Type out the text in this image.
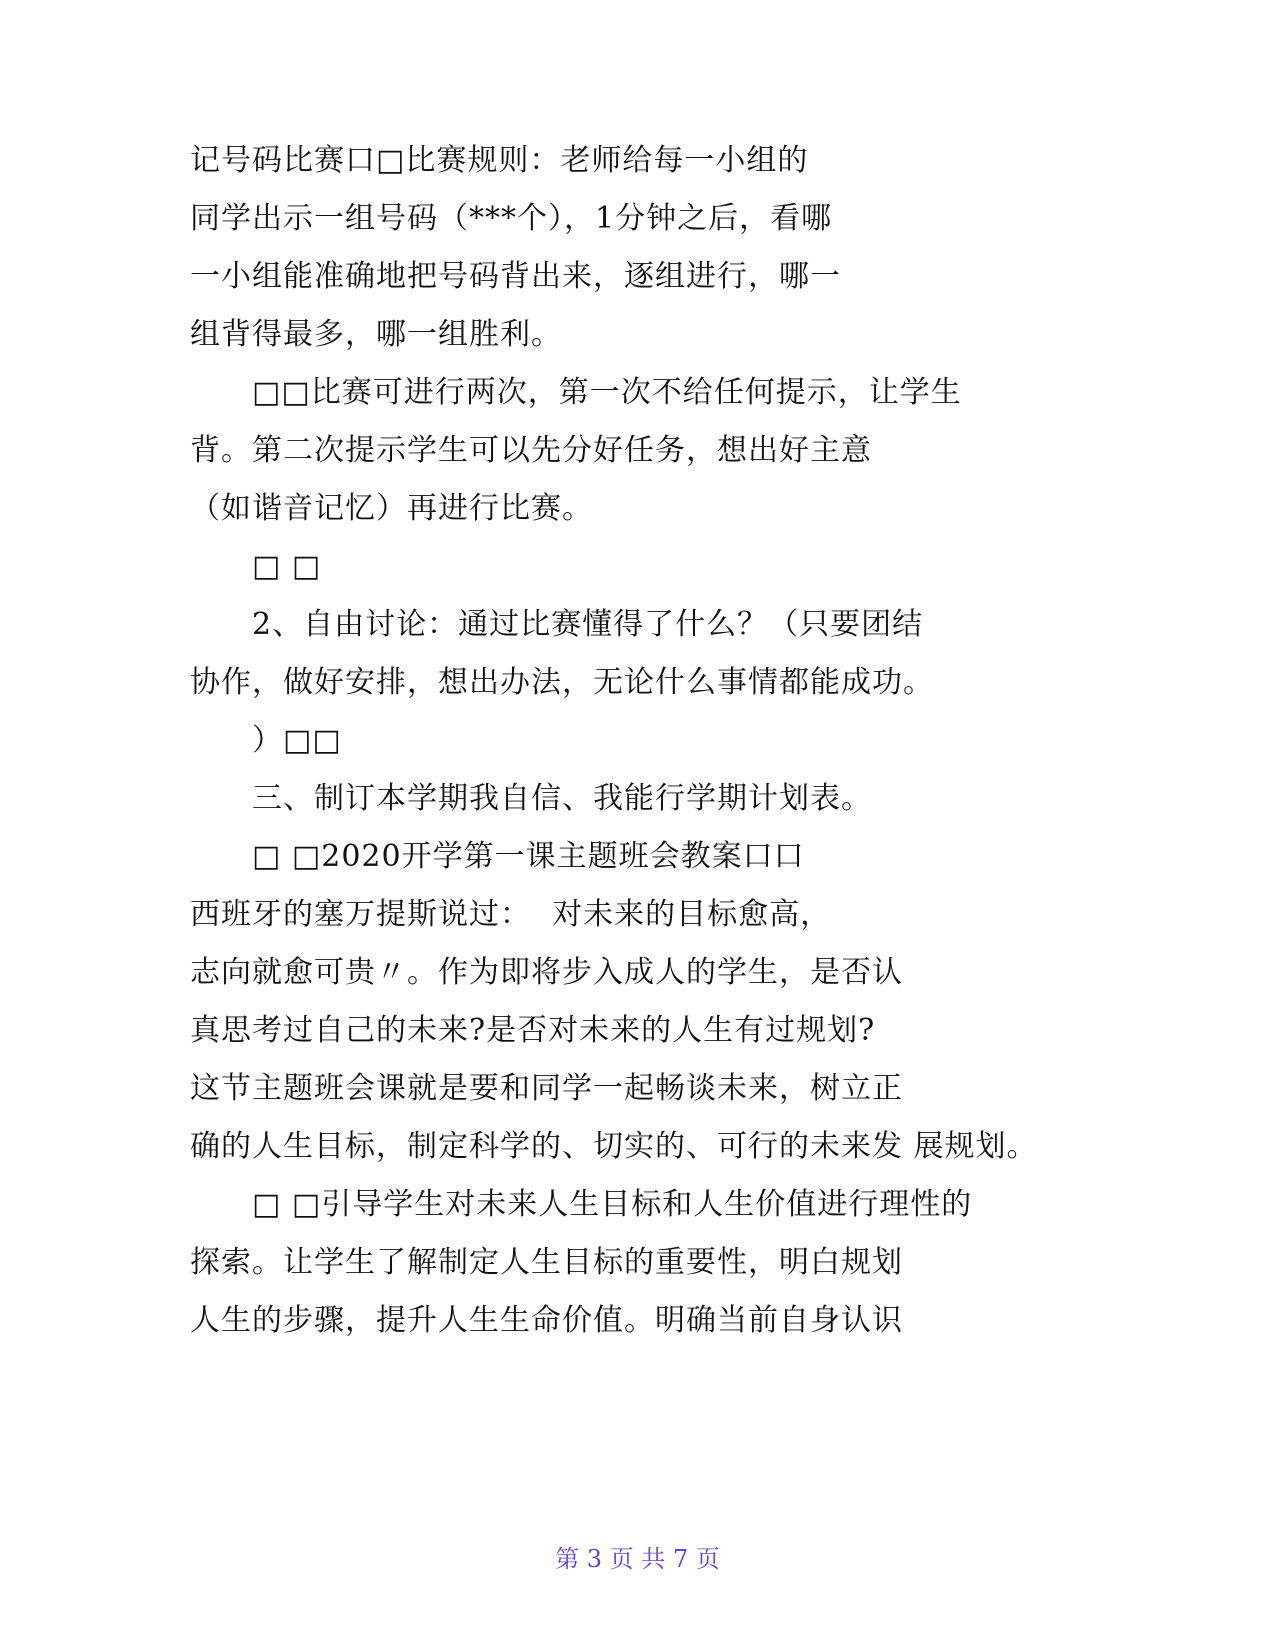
记号码比赛口□比赛规则：老师给每一小组的
同学出示一组号码（***个），1分钟之后，看哪
一小组能准确地把号码背出来，逐组进行，哪一
组背得最多，哪一组胜利。
□□比赛可进行两次，第一次不给任何提示，让学生
背。第二次提示学生可以先分好任务，想出好主意
（如谐音记忆）再进行比赛。
□ □
2、自由讨论：通过比赛懂得了什么？（只要团结
协作，做好安排，想出办法，无论什么事情都能成功。
）□□
三、制订本学期我自信、我能行学期计划表。
□ □2020开学第一课主题班会教案口口
西班牙的塞万提斯说过：  对未来的目标愈高，
志向就愈可贵〃。作为即将步入成人的学生，是否认
真思考过自己的未来?是否对未来的人生有过规划?
这节主题班会课就是要和同学一起畅谈未来，树立正
确的人生目标，制定科学的、切实的、可行的未来发 展规划。
□ □引导学生对未来人生目标和人生价值进行理性的
探索。让学生了解制定人生目标的重要性，明白规划
人生的步骤，提升人生生命价值。明确当前自身认识
第 3 页 共 7 页
